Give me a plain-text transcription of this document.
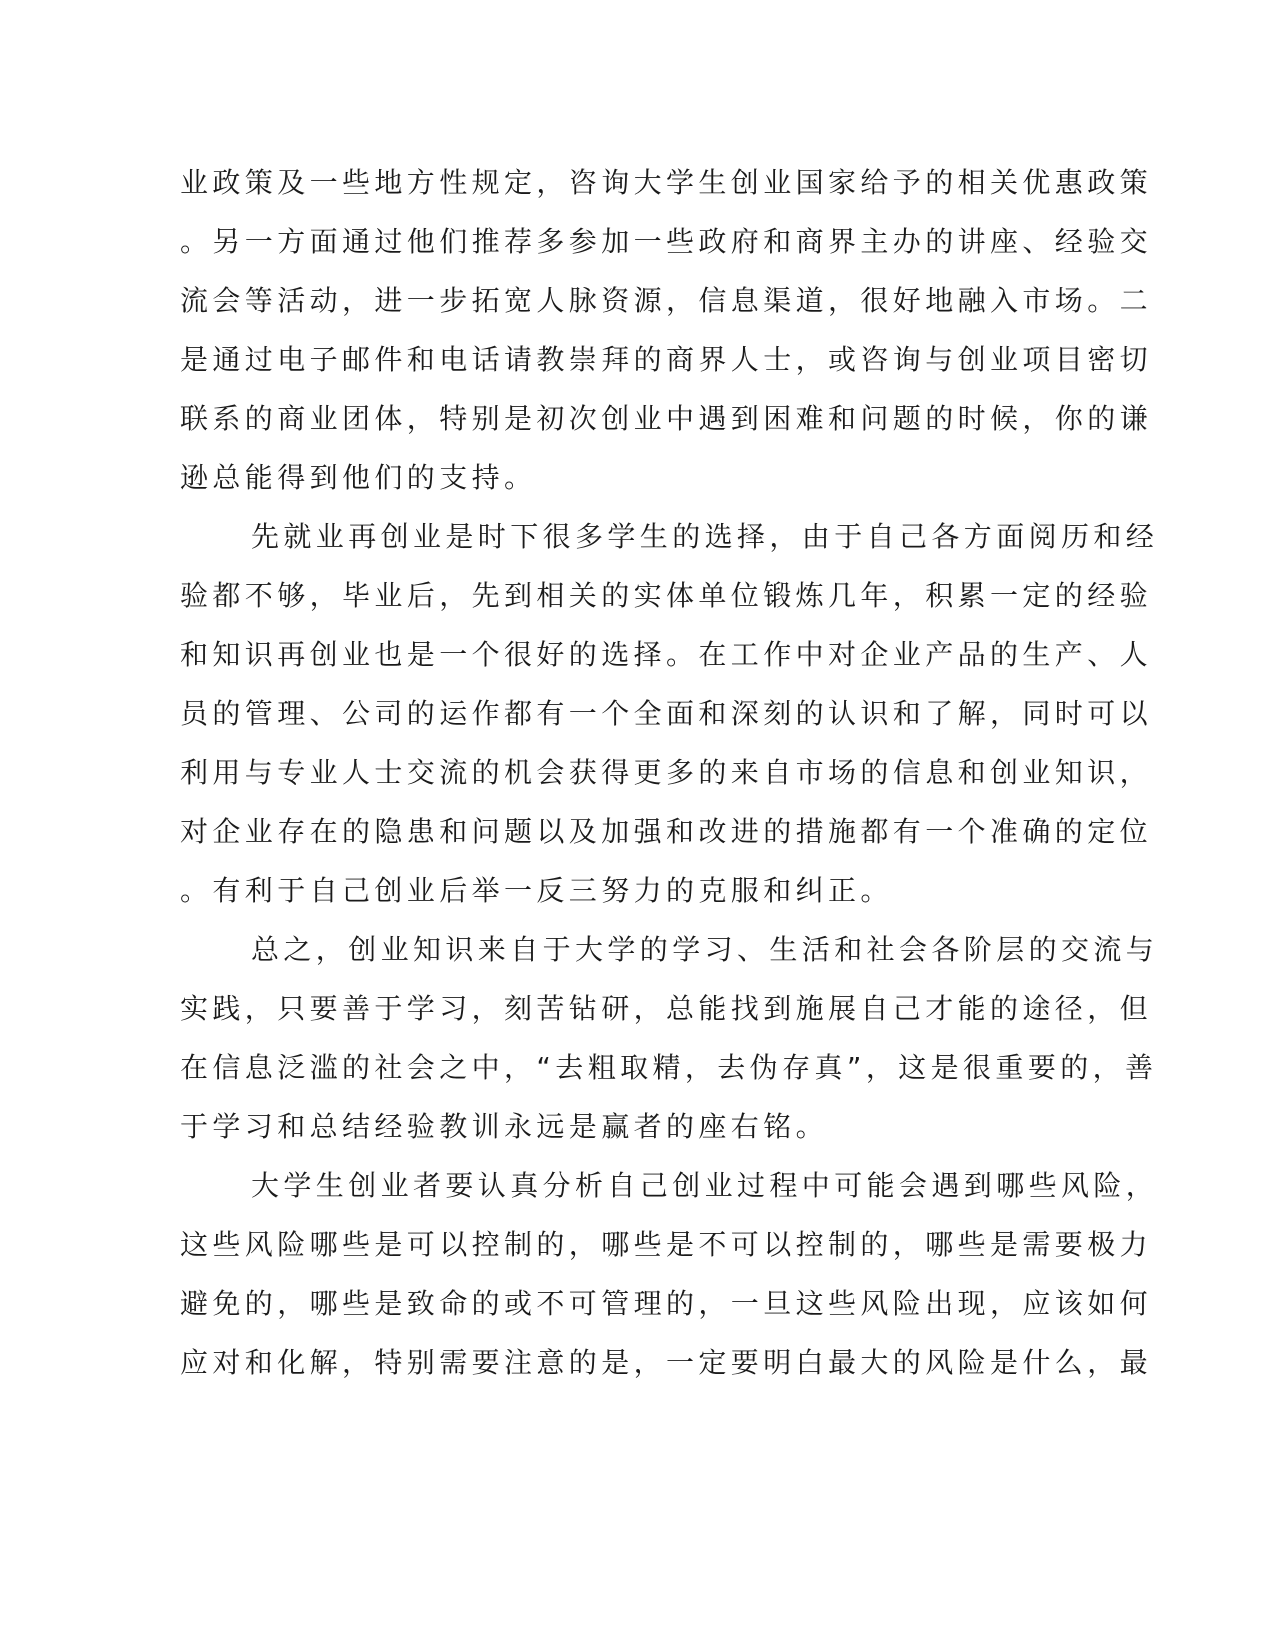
业政策及一些地方性规定，咨询大学生创业国家给予的相关优惠政策
。另一方面通过他们推荐多参加一些政府和商界主办的讲座、经验交
流会等活动，进一步拓宽人脉资源，信息渠道，很好地融入市场。二
是通过电子邮件和电话请教崇拜的商界人士，或咨询与创业项目密切
联系的商业团体，特别是初次创业中遇到困难和问题的时候，你的谦
逊总能得到他们的支持。
先就业再创业是时下很多学生的选择，由于自己各方面阅历和经
验都不够，毕业后，先到相关的实体单位锻炼几年，积累一定的经验
和知识再创业也是一个很好的选择。在工作中对企业产品的生产、人
员的管理、公司的运作都有一个全面和深刻的认识和了解，同时可以
利用与专业人士交流的机会获得更多的来自市场的信息和创业知识，
对企业存在的隐患和问题以及加强和改进的措施都有一个准确的定位
。有利于自己创业后举一反三努力的克服和纠正。
总之，创业知识来自于大学的学习、生活和社会各阶层的交流与
实践，只要善于学习，刻苦钻研，总能找到施展自己才能的途径，但
在信息泛滥的社会之中，“去粗取精，去伪存真”，这是很重要的，善
于学习和总结经验教训永远是赢者的座右铭。
大学生创业者要认真分析自己创业过程中可能会遇到哪些风险，
这些风险哪些是可以控制的，哪些是不可以控制的，哪些是需要极力
避免的，哪些是致命的或不可管理的，一旦这些风险出现，应该如何
应对和化解，特别需要注意的是，一定要明白最大的风险是什么，最
